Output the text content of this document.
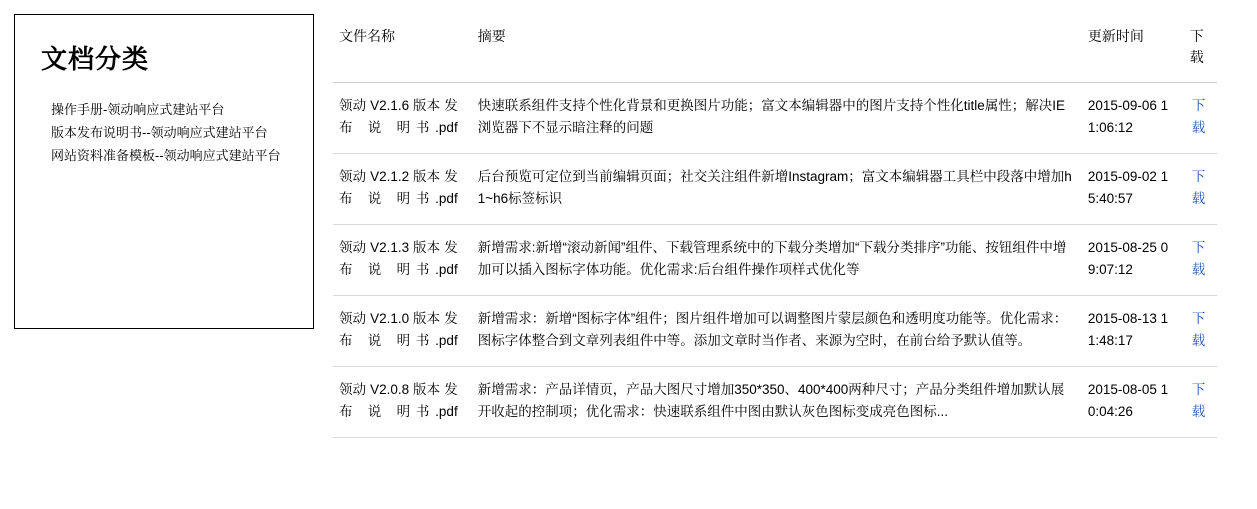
文档分类
操作手册-领动响应式建站平台
版本发布说明书--领动响应式建站平台
网站资料准备模板--领动响应式建站平台
文件名称	摘要	更新时间	下 载
领动 V2.1.6 版本 发 布 说 明书.pdf	快速联系组件支持个性化背景和更换图片功能；富文本编辑器中的图片支持个性化title属性；解决IE浏览器下不显示暗注释的问题	2015-09-06 11:06:12	下 载
领动 V2.1.2 版本 发 布 说 明书.pdf	后台预览可定位到当前编辑页面；社交关注组件新增Instagram；富文本编辑器工具栏中段落中增加h1~h6标签标识	2015-09-02 15:40:57	下 载
领动 V2.1.3 版本 发 布 说 明书.pdf	新增需求:新增“滚动新闻”组件、下载管理系统中的下载分类增加“下载分类排序”功能、按钮组件中增加可以插入图标字体功能。优化需求:后台组件操作项样式优化等	2015-08-25 09:07:12	下 载
领动 V2.1.0 版本 发 布 说 明书.pdf	新增需求：新增“图标字体”组件；图片组件增加可以调整图片蒙层颜色和透明度功能等。优化需求：图标字体整合到文章列表组件中等。添加文章时当作者、来源为空时，在前台给予默认值等。	2015-08-13 11:48:17	下 载
领动 V2.0.8 版本 发 布 说 明书.pdf	新增需求：产品详情页，产品大图尺寸增加350*350、400*400两种尺寸；产品分类组件增加默认展开收起的控制项；优化需求：快速联系组件中图由默认灰色图标变成亮色图标...	2015-08-05 10:04:26	下 载
